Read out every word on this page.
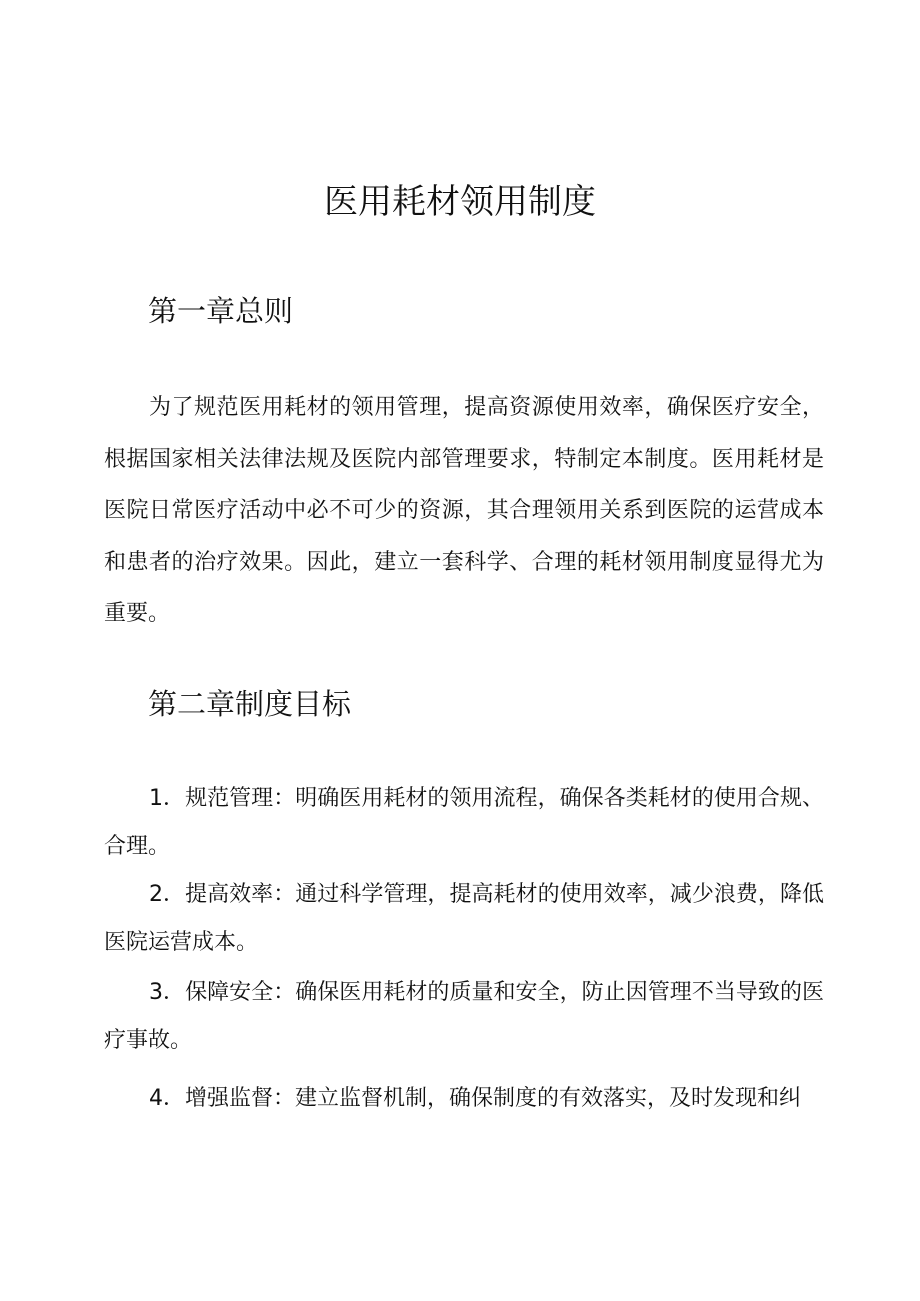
医用耗材领用制度
第一章总则

为了规范医用耗材的领用管理，提高资源使用效率，确保医疗安全，根据国家相关法律法规及医院内部管理要求，特制定本制度。医用耗材是医院日常医疗活动中必不可少的资源，其合理领用关系到医院的运营成本和患者的治疗效果。因此，建立一套科学、合理的耗材领用制度显得尤为重要。

第二章制度目标

1．规范管理：明确医用耗材的领用流程，确保各类耗材的使用合规、合理。

2．提高效率：通过科学管理，提高耗材的使用效率，减少浪费，降低医院运营成本。

3．保障安全：确保医用耗材的质量和安全，防止因管理不当导致的医疗事故。

4．增强监督：建立监督机制，确保制度的有效落实，及时发现和纠
